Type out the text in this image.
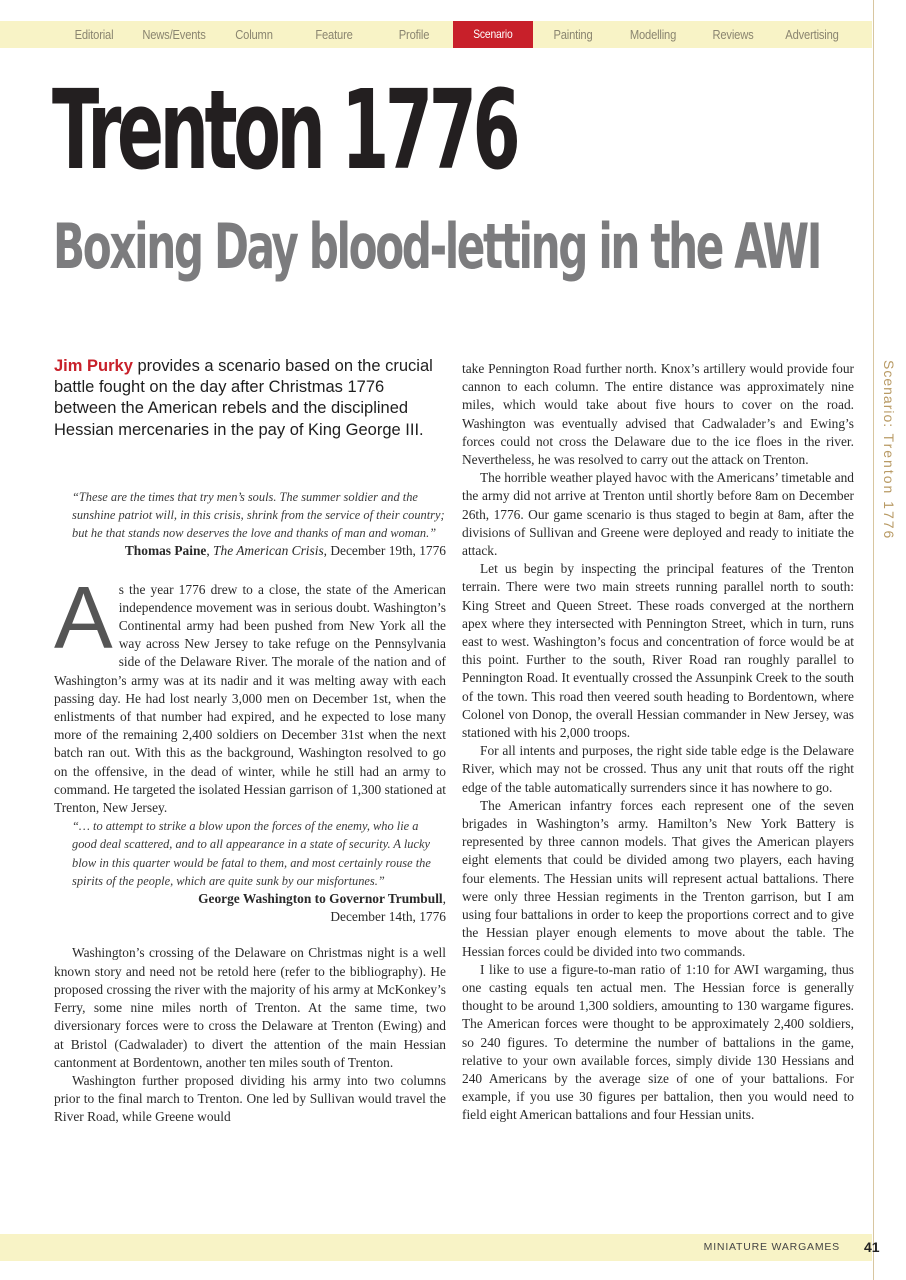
Editorial	News/Events	Column	Feature	Profile	Scenario	Painting	Modelling	Reviews	Advertising
Scenario: Trenton 1776
Trenton 1776
Boxing Day blood-letting in the AWI

Jim Purky provides a scenario based on the crucial battle fought on the day after Christmas 1776 between the American rebels and the disciplined Hessian mercenaries in the pay of King George III.

“These are the times that try men’s souls. The summer soldier and the sunshine patriot will, in this crisis, shrink from the service of their country; but he that stands now deserves the love and thanks of man and woman.”

Thomas Paine, The American Crisis, December 19th, 1776

As the year 1776 drew to a close, the state of the American independence movement was in serious doubt. Washington’s Continental army had been pushed from New York all the way across New Jersey to take refuge on the Pennsylvania side of the Delaware River. The morale of the nation and of Washington’s army was at its nadir and it was melting away with each passing day. He had lost nearly 3,000 men on December 1st, when the enlistments of that number had expired, and he expected to lose many more of the remaining 2,400 soldiers on December 31st when the next batch ran out. With this as the background, Washington resolved to go on the offensive, in the dead of winter, while he still had an army to command. He targeted the isolated Hessian garrison of 1,300 stationed at Trenton, New Jersey.

“… to attempt to strike a blow upon the forces of the enemy, who lie a good deal scattered, and to all appearance in a state of security. A lucky blow in this quarter would be fatal to them, and most certainly rouse the spirits of the people, which are quite sunk by our misfortunes.”

George Washington to Governor Trumbull,

December 14th, 1776

Washington’s crossing of the Delaware on Christmas night is a well known story and need not be retold here (refer to the bibliography). He proposed crossing the river with the majority of his army at McKonkey’s Ferry, some nine miles north of Trenton. At the same time, two diversionary forces were to cross the Delaware at Trenton (Ewing) and at Bristol (Cadwalader) to divert the attention of the main Hessian cantonment at Bordentown, another ten miles south of Trenton.

Washington further proposed dividing his army into two columns prior to the final march to Trenton. One led by Sullivan would travel the River Road, while Greene would

take Pennington Road further north. Knox’s artillery would provide four cannon to each column. The entire distance was approximately nine miles, which would take about five hours to cover on the road. Washington was eventually advised that Cadwalader’s and Ewing’s forces could not cross the Delaware due to the ice floes in the river. Nevertheless, he was resolved to carry out the attack on Trenton.

The horrible weather played havoc with the Americans’ timetable and the army did not arrive at Trenton until shortly before 8am on December 26th, 1776. Our game scenario is thus staged to begin at 8am, after the divisions of Sullivan and Greene were deployed and ready to initiate the attack.

Let us begin by inspecting the principal features of the Trenton terrain. There were two main streets running parallel north to south: King Street and Queen Street. These roads converged at the northern apex where they intersected with Pennington Street, which in turn, runs east to west. Washington’s focus and concentration of force would be at this point. Further to the south, River Road ran roughly parallel to Pennington Road. It eventually crossed the Assunpink Creek to the south of the town. This road then veered south heading to Bordentown, where Colonel von Donop, the overall Hessian commander in New Jersey, was stationed with his 2,000 troops.

For all intents and purposes, the right side table edge is the Delaware River, which may not be crossed. Thus any unit that routs off the right edge of the table automatically surrenders since it has nowhere to go.

The American infantry forces each represent one of the seven brigades in Washington’s army. Hamilton’s New York Battery is represented by three cannon models. That gives the American players eight elements that could be divided among two players, each having four elements. The Hessian units will represent actual battalions. There were only three Hessian regiments in the Trenton garrison, but I am using four battalions in order to keep the proportions correct and to give the Hessian player enough elements to move about the table. The Hessian forces could be divided into two commands.

I like to use a figure-to-man ratio of 1:10 for AWI wargaming, thus one casting equals ten actual men. The Hessian force is generally thought to be around 1,300 soldiers, amounting to 130 wargame figures. The American forces were thought to be approximately 2,400 soldiers, so 240 figures. To determine the number of battalions in the game, relative to your own available forces, simply divide 130 Hessians and 240 Americans by the average size of one of your battalions. For example, if you use 30 figures per battalion, then you would need to field eight American battalions and four Hessian units.

MINIATURE WARGAMES 41
